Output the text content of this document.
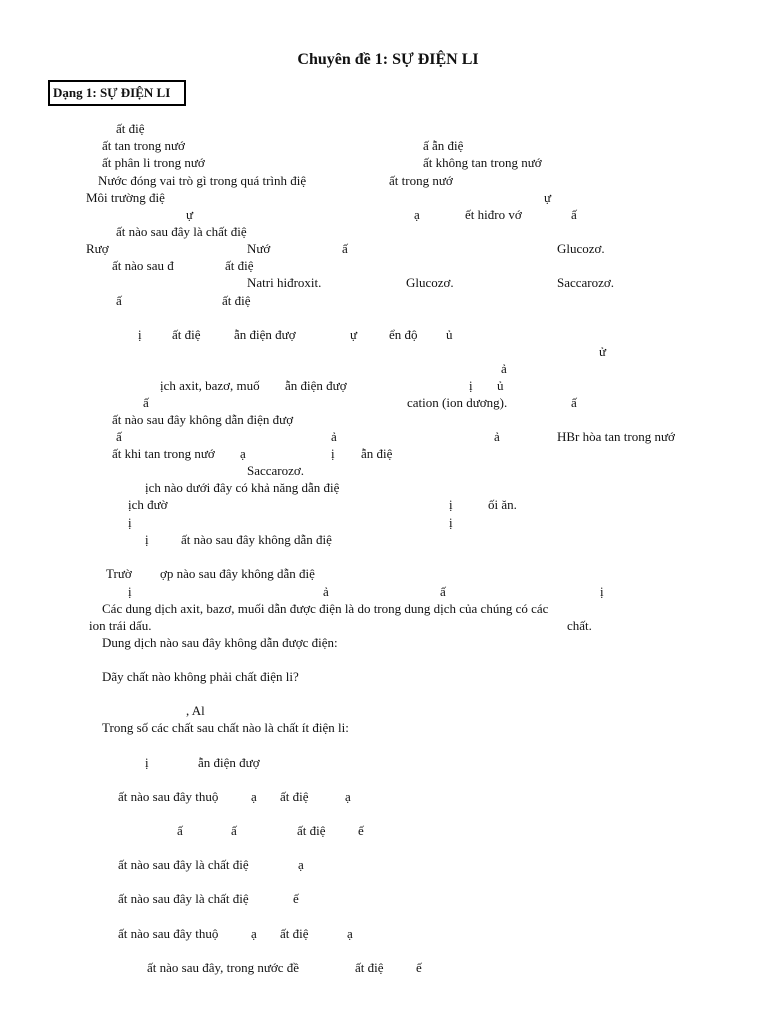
Chuyên đề 1: SỰ ĐIỆN LI
Dạng 1: SỰ ĐIỆN LI
ất điệ
ất tan trong nướ	ấ ẫn điệ
ất phân li trong nướ	ất không tan trong nướ
Nước đóng vai trò gì trong quá trình điệ	ất trong nướ
Môi trường điệ	ự
ự	ạ	ết hiđro vớ	ấ
ất nào sau đây là chất điệ
Rượ	Nướ	ấ	Glucozơ.
ất nào sau đ	ất điệ
Natri hiđroxit.	Glucozơ.	Saccarozơ.
ấ	ất điệ
ị ất điệ	ẫn điện đượ	ự ển độ ủ
ử
ả
ịch axit, bazơ, muố ẫn điện đượ	ị ủ
ấ	cation (ion dương).	ấ
ất nào sau đây không dẫn điện đượ
ấ	ả	ả	HBr hòa tan trong nướ
ất khi tan trong nướ ạ	ị ẫn điệ
Saccarozơ.
ịch nào dưới đây có khả năng dẫn điệ
ịch đườ	ị	ối ăn.
ị	ị
ị ất nào sau đây không dẫn điệ
Trườ ợp nào sau đây không dẫn điệ
ị	ả	ấ	ị
Các dung dịch axit, bazơ, muối dẫn được điện là do trong dung dịch của chúng có các
ion trái dấu.	chất.
Dung dịch nào sau đây không dẫn được điện:
Dãy chất nào không phải chất điện li?
, Al
Trong số các chất sau chất nào là chất ít điện li:
ị	ẫn điện đượ
ất nào sau đây thuộ	ạ ất điệ	ạ
ấ	ấ	ất điệ ế
ất nào sau đây là chất điệ	ạ
ất nào sau đây là chất điệ	ế
ất nào sau đây thuộ	ạ ất điệ	ạ
ất nào sau đây, trong nước đề	ất điệ ế
